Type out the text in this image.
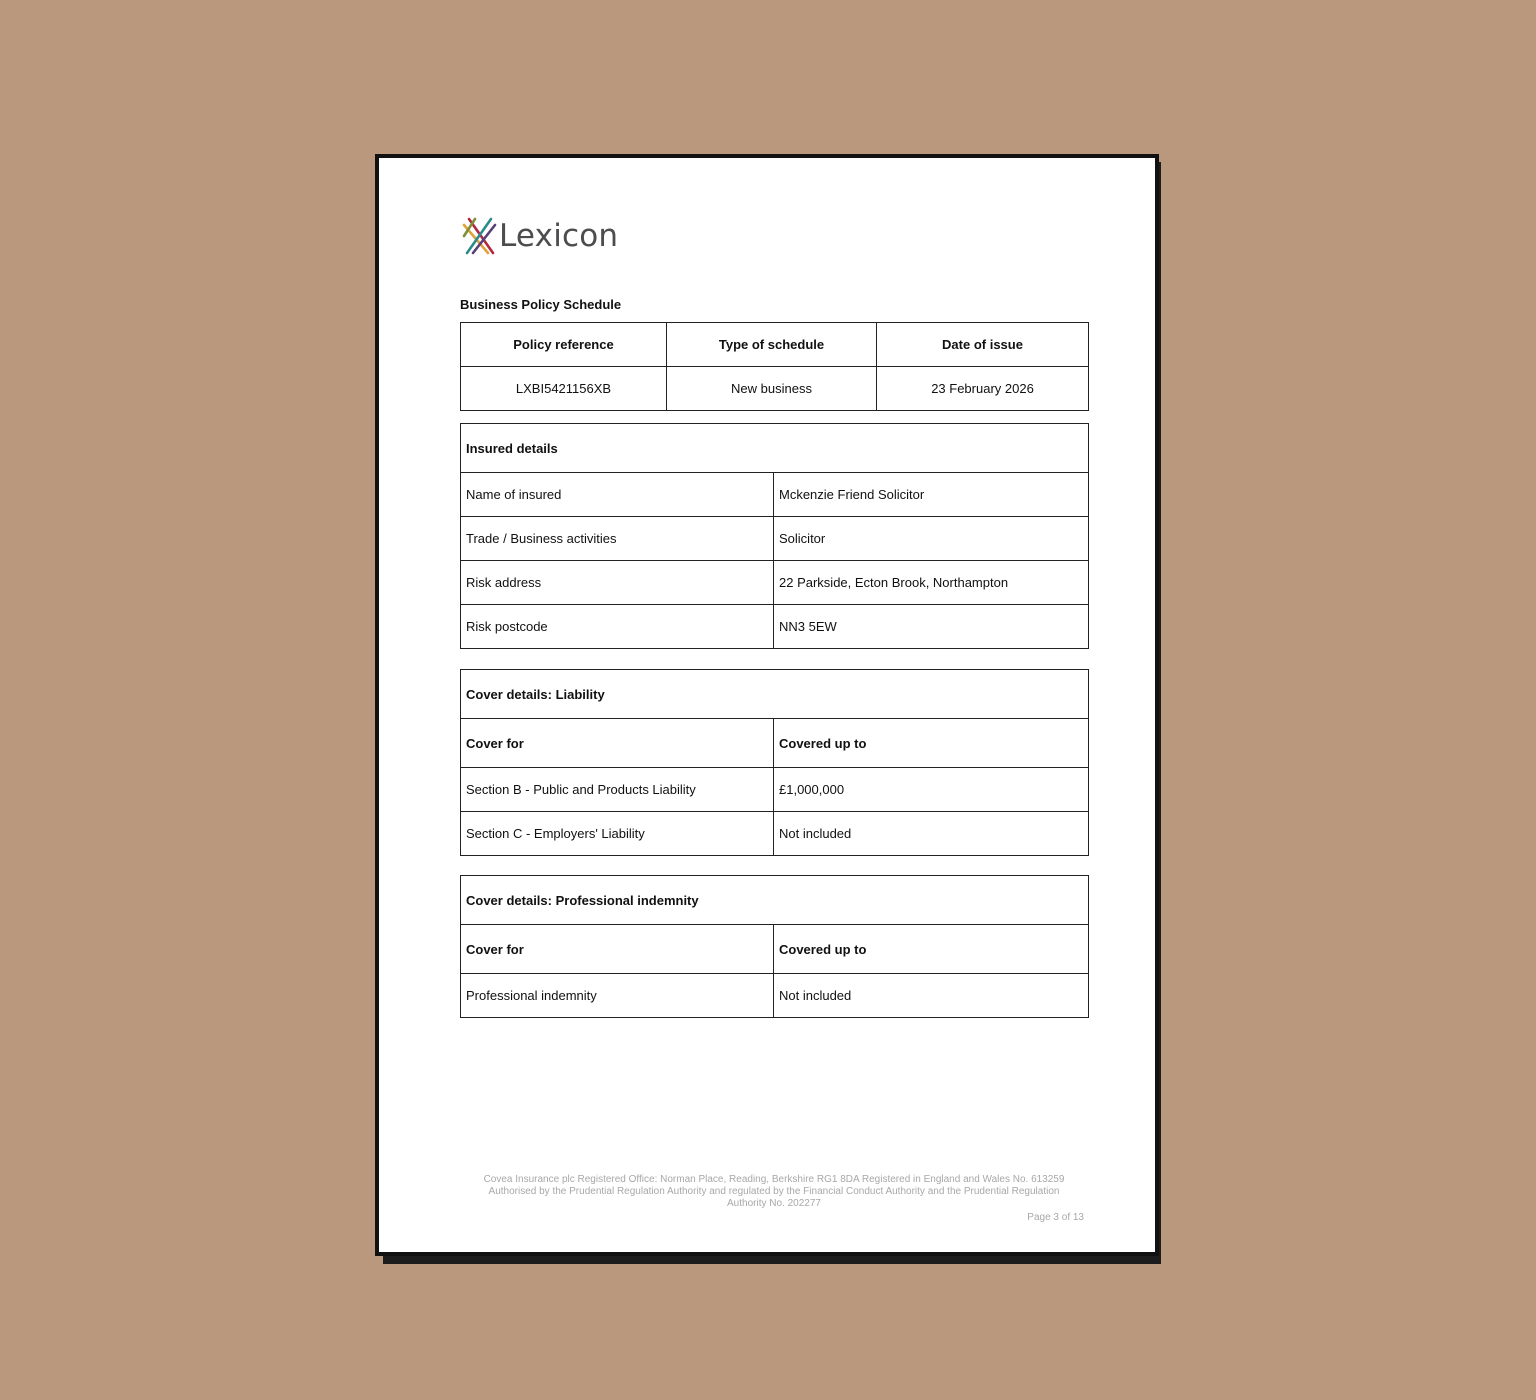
Lexicon
Business Policy Schedule
Policy reference	Type of schedule	Date of issue
LXBI5421156XB	New business	23 February 2026
Insured details	
Name of insured	Mckenzie Friend Solicitor
Trade / Business activities	Solicitor
Risk address	22 Parkside, Ecton Brook, Northampton
Risk postcode	NN3 5EW
Cover details: Liability	
Cover for	Covered up to
Section B - Public and Products Liability	£1,000,000
Section C - Employers' Liability	Not included
Cover details: Professional indemnity	
Cover for	Covered up to
Professional indemnity	Not included
Covea Insurance plc Registered Office: Norman Place, Reading, Berkshire RG1 8DA Registered in England and Wales No. 613259
Authorised by the Prudential Regulation Authority and regulated by the Financial Conduct Authority and the Prudential Regulation
Authority No. 202277
Page 3 of 13
